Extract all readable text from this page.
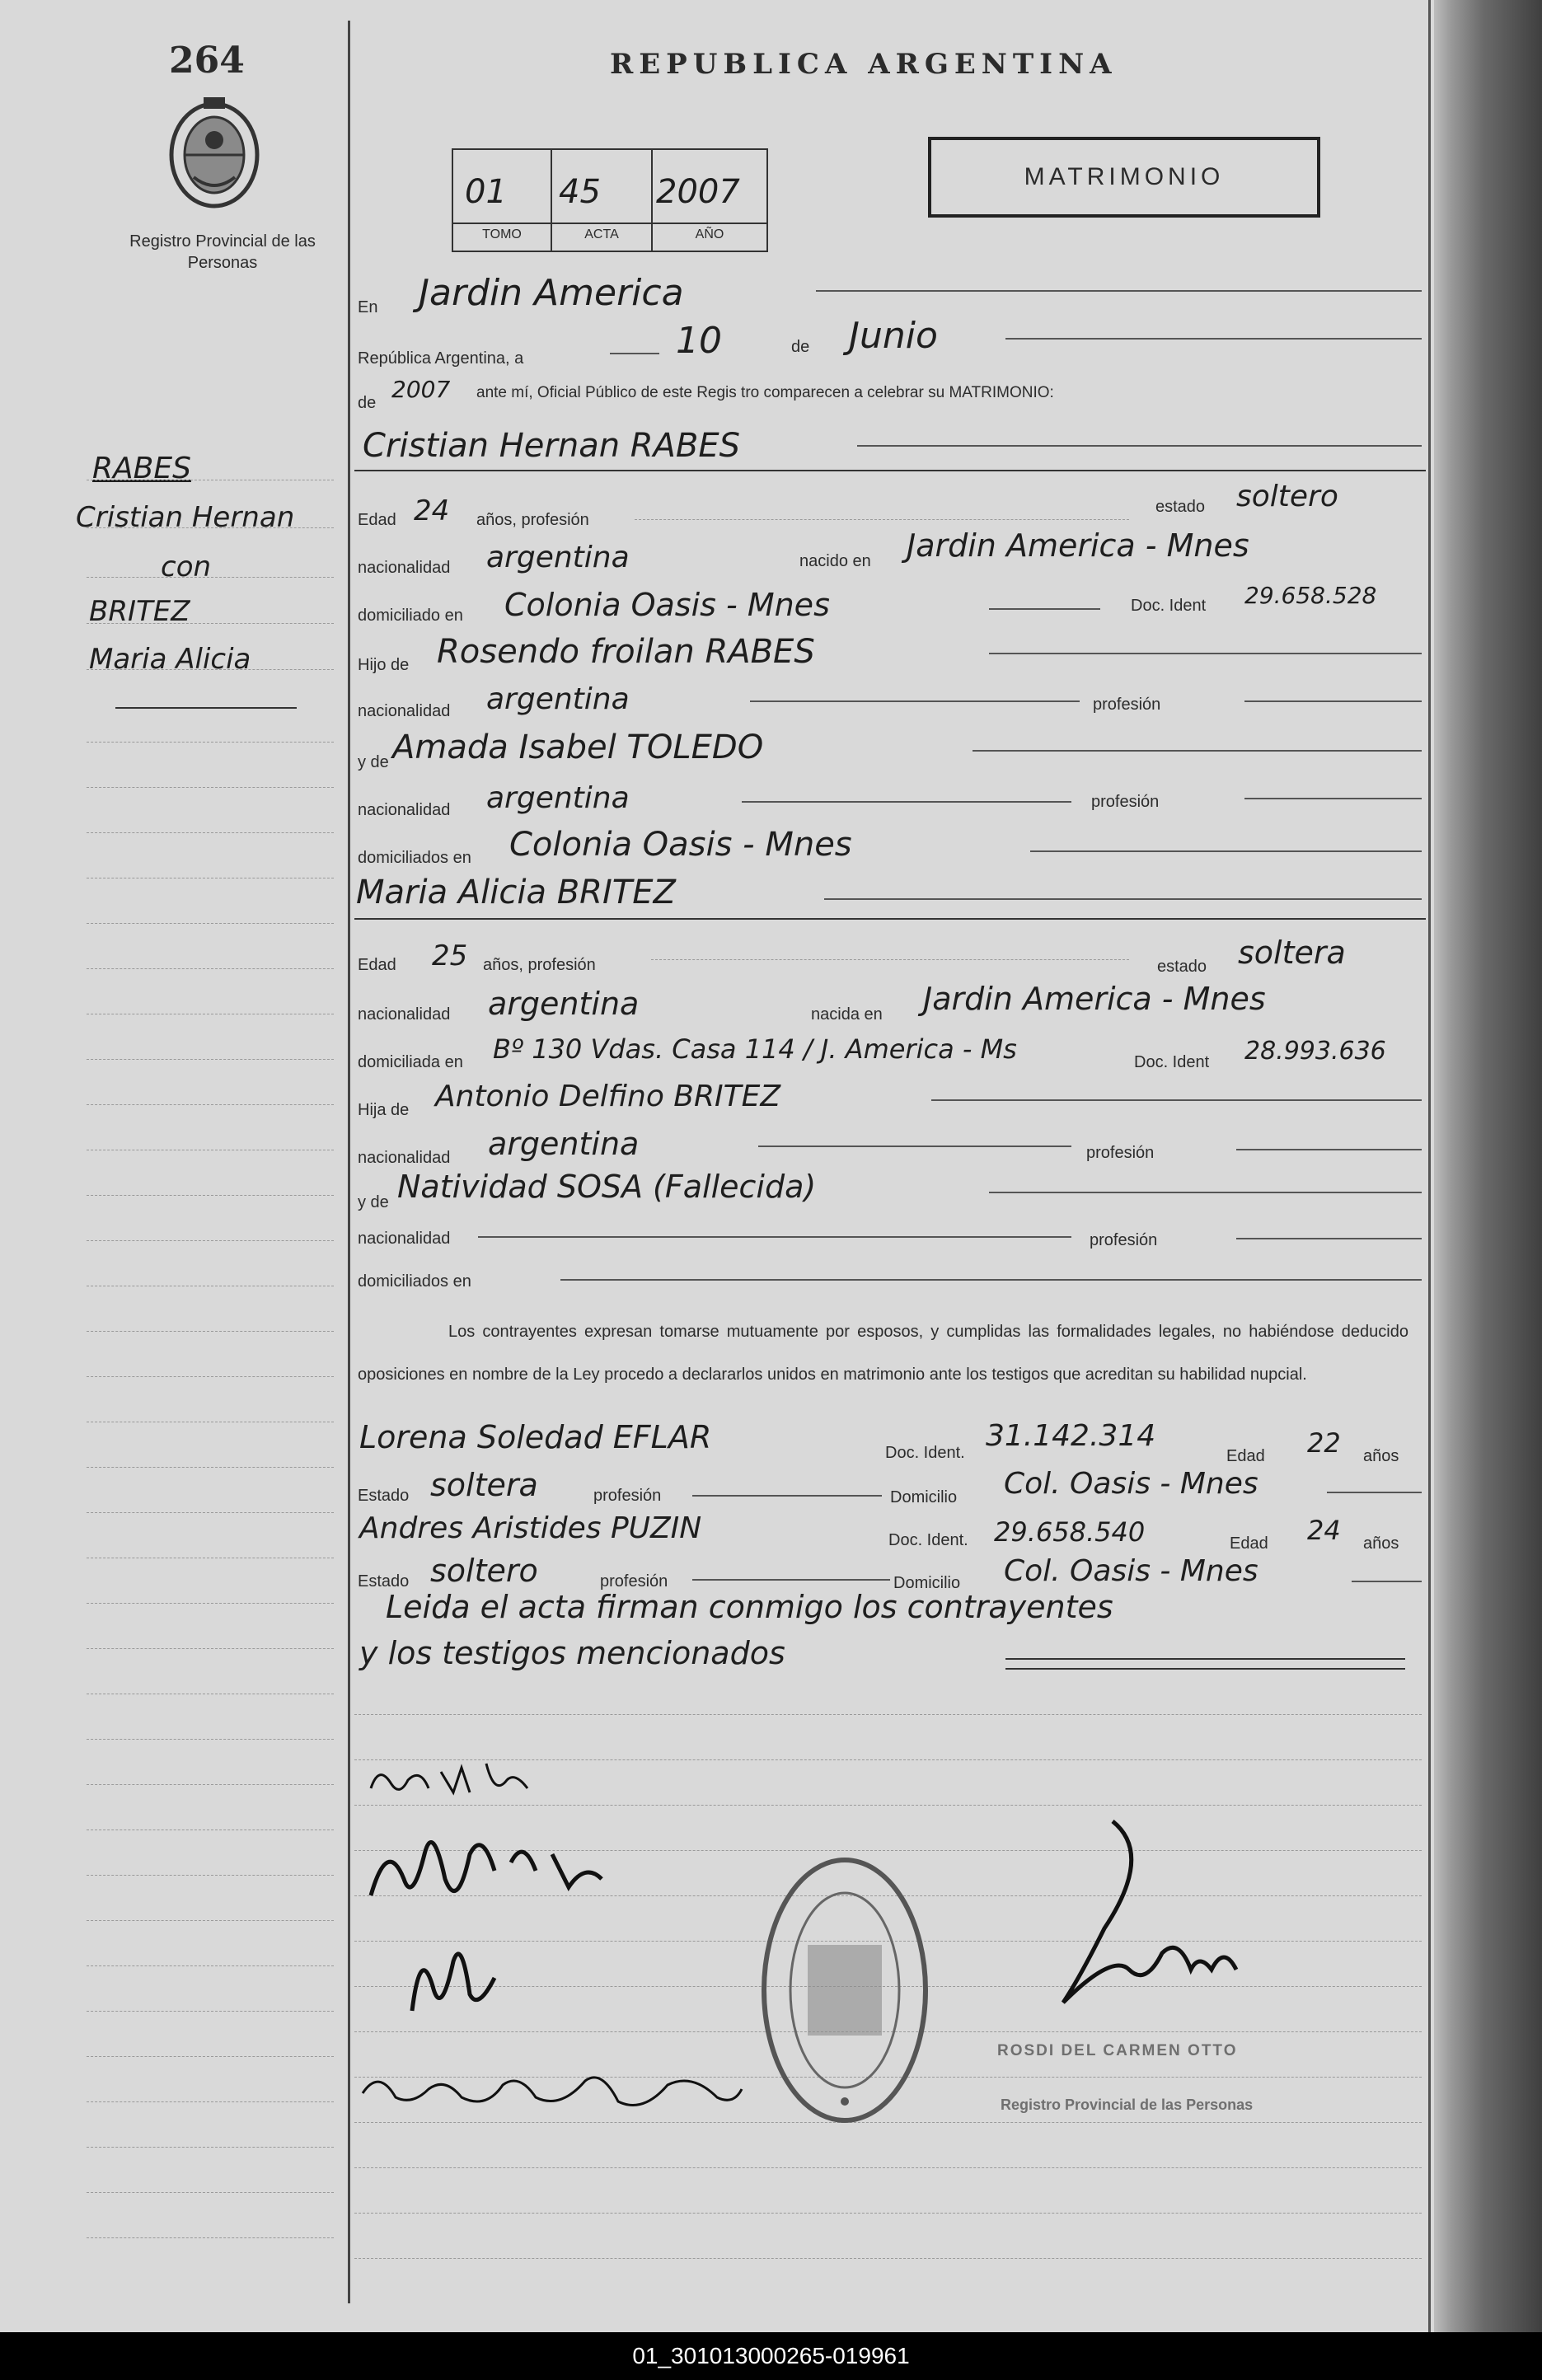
264
Registro Provincial de las Personas
REPUBLICA ARGENTINA
01 45 2007
TOMO	ACTA	AÑO
MATRIMONIO
RABES
Cristian Hernan
con
BRITEZ
Maria Alicia
En Jardin America
República Argentina, a	10	de Junio
de 2007 ante mí, Oficial Público de este Regis tro comparecen a celebrar su MATRIMONIO:
Cristian Hernan RABES
Edad 24 años, profesión
estado soltero
nacionalidad argentina	nacido en Jardin America - Mnes
domiciliado en Colonia Oasis - Mnes	Doc. Ident 29.658.528
Hijo de Rosendo froilan RABES
nacionalidad argentina	profesión
y de Amada Isabel TOLEDO
nacionalidad argentina	profesión
domiciliados en Colonia Oasis - Mnes
Maria Alicia BRITEZ
Edad 25 años, profesión	estado soltera
nacionalidad argentina	nacida en Jardin America - Mnes
domiciliada en Bº 130 Vdas. Casa 114 / J. America - Ms	Doc. Ident 28.993.636
Hija de Antonio Delfino BRITEZ
nacionalidad argentina	profesión
y de Natividad SOSA (Fallecida)
nacionalidad	profesión
domiciliados en
Los contrayentes expresan tomarse mutuamente por esposos, y cumplidas las formalidades legales, no habiéndose deducido oposiciones en nombre de la Ley procedo a declararlos unidos en matrimonio ante los testigos que acreditan su habilidad nupcial.
Lorena Soledad EFLAR	Doc. Ident. 31.142.314
Edad 22 años
Estado soltera	profesión	Domicilio Col. Oasis - Mnes
Andres Aristides PUZIN	Doc. Ident. 29.658.540	Edad 24 años
Estado soltero	profesión	Domicilio Col. Oasis - Mnes
Leida el acta firman conmigo los contrayentes
y los testigos mencionados
ROSDI DEL CARMEN OTTO
Registro Provincial de las Personas
01_301013000265-019961
